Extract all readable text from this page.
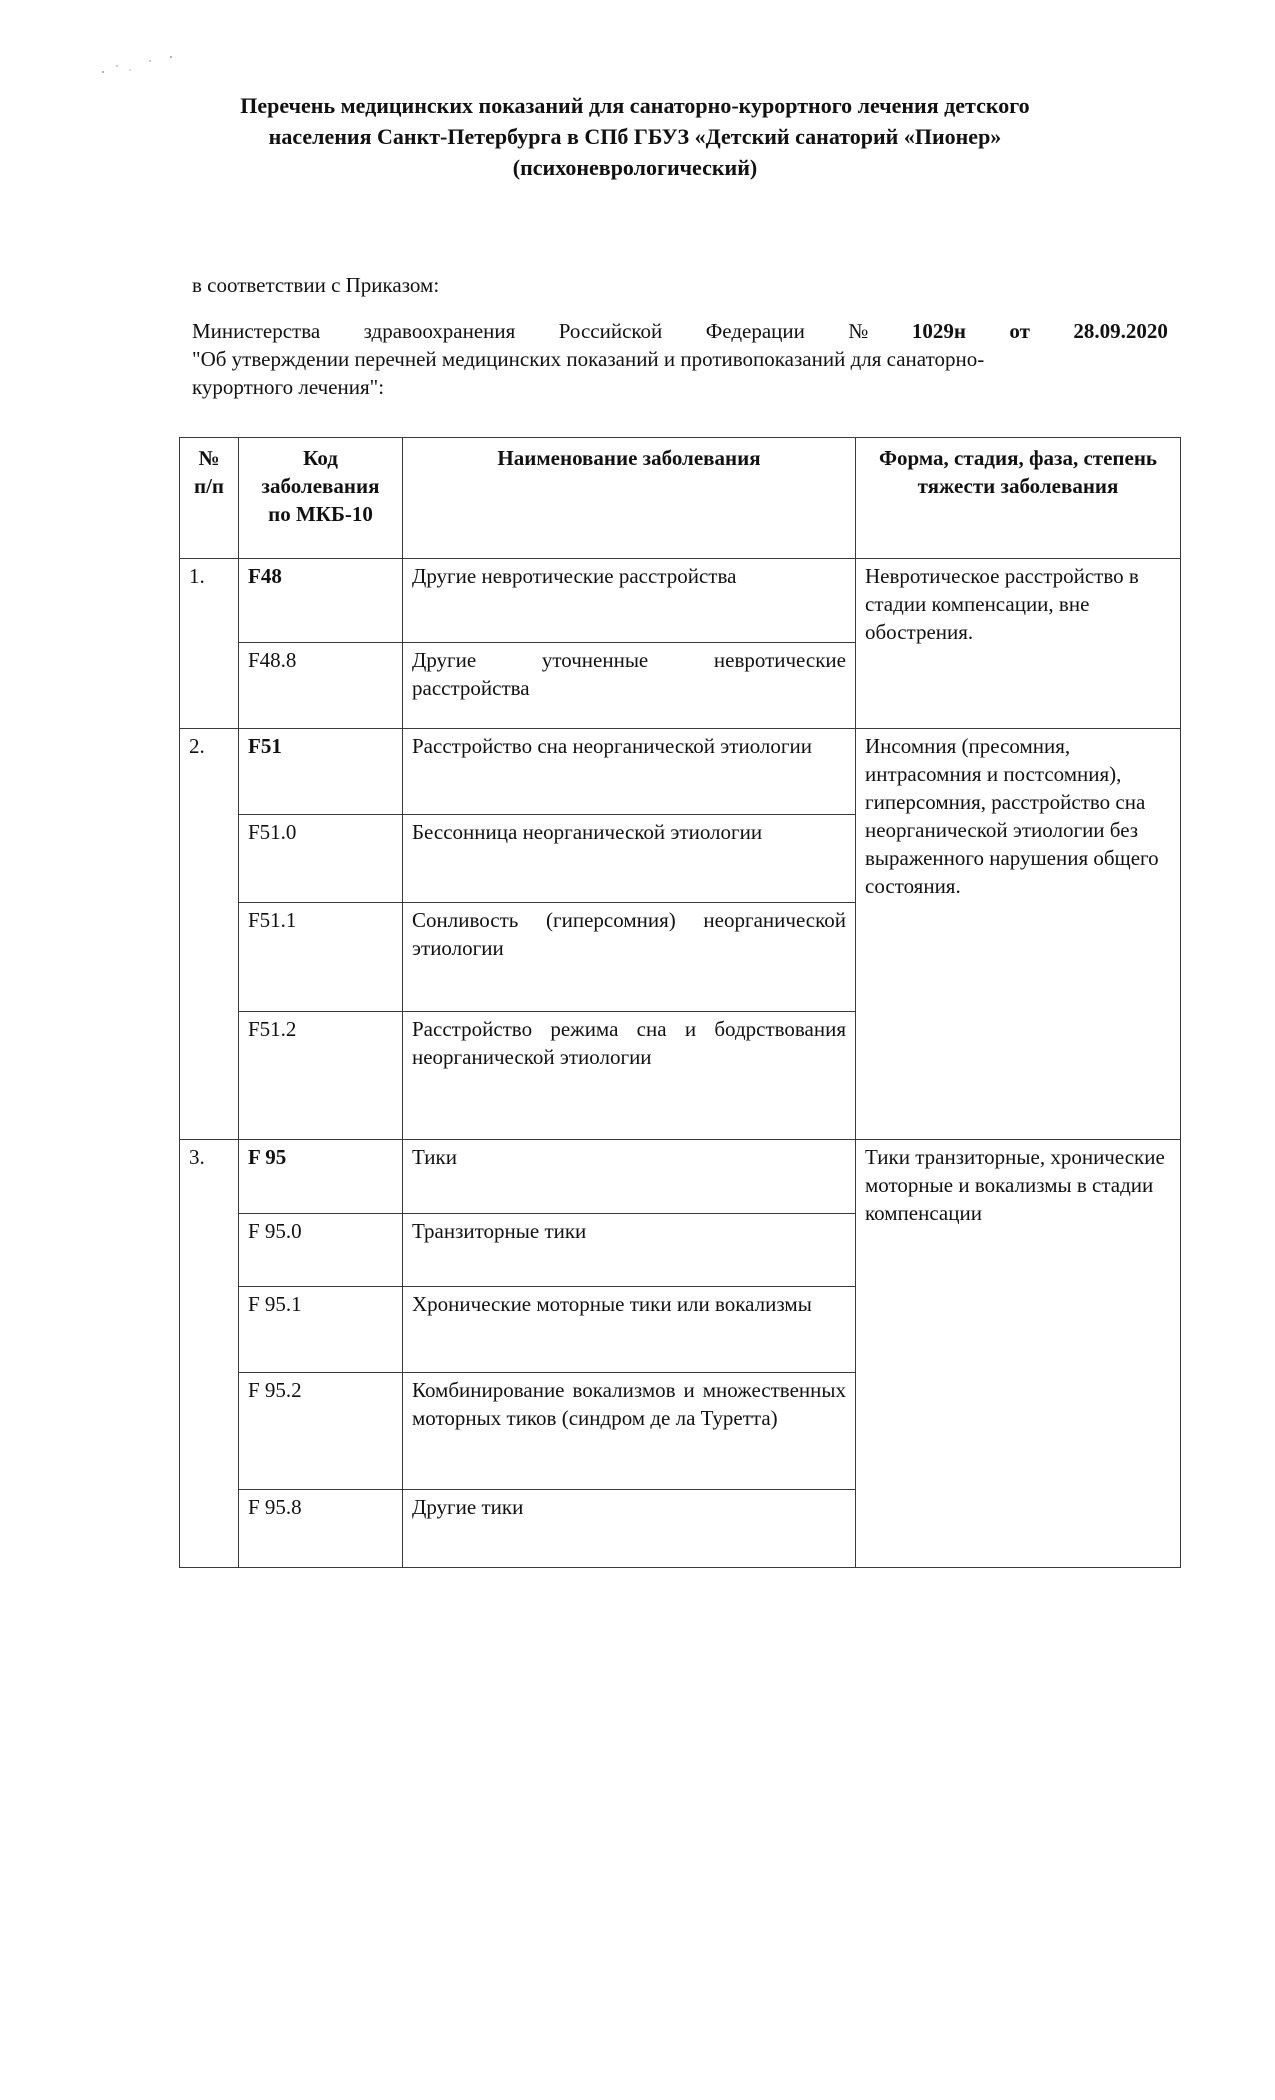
Перечень медицинских показаний для санаторно-курортного лечения детского
населения Санкт-Петербурга в СПб ГБУЗ «Детский санаторий «Пионер»
(психоневрологический)
в соответствии с Приказом:
Министерства здравоохранения Российской Федерации № 1029н от 28.09.2020
"Об утверждении перечней медицинских показаний и противопоказаний для санаторно-
курортного лечения":
№ п/п	Код заболевания по МКБ-10	Наименование заболевания	Форма, стадия, фаза, степень тяжести заболевания
1.	F48	Другие невротические расстройства	Невротическое расстройство в стадии компенсации, вне обострения.
	F48.8	Другие уточненные невротические расстройства	
2.	F51	Расстройство сна неорганической этиологии	Инсомния (пресомния, интрасомния и постсомния), гиперсомния, расстройство сна неорганической этиологии без выраженного нарушения общего состояния.
	F51.0	Бессонница неорганической этиологии	
	F51.1	Сонливость (гиперсомния) неорганической этиологии	
	F51.2	Расстройство режима сна и бодрствования неорганической этиологии	
3.	F 95	Тики	Тики транзиторные, хронические моторные и вокализмы в стадии компенсации
	F 95.0	Транзиторные тики	
	F 95.1	Хронические моторные тики или вокализмы	
	F 95.2	Комбинирование вокализмов и множественных моторных тиков (синдром де ла Туретта)	
	F 95.8	Другие тики	
